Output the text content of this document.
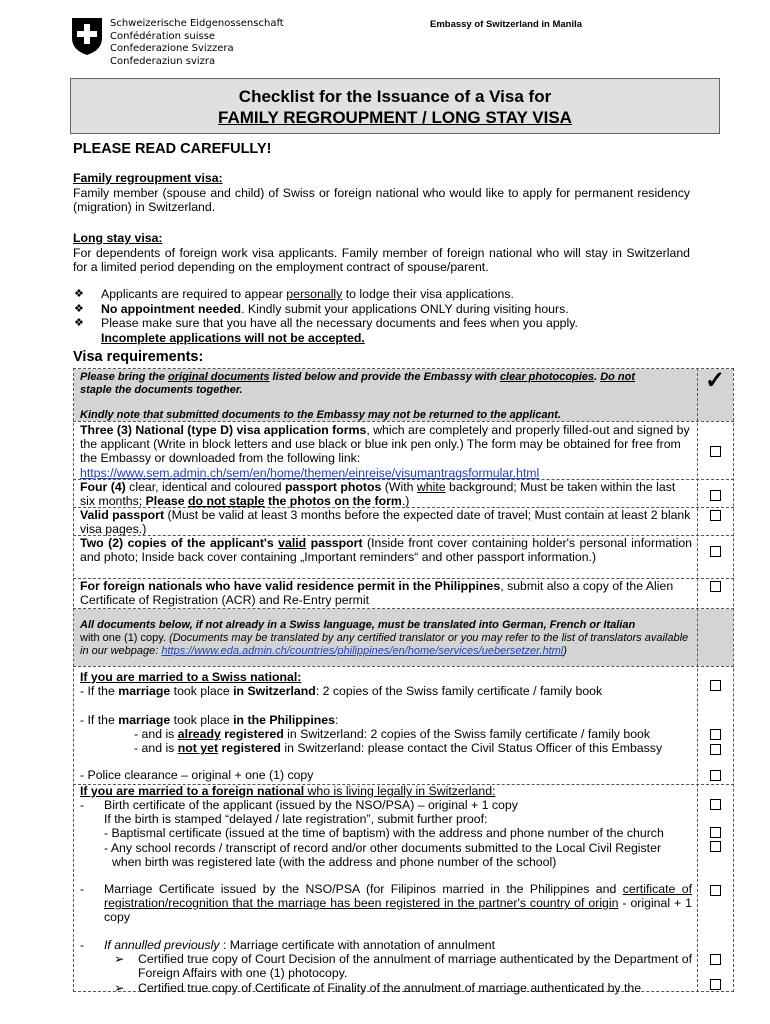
Schweizerische Eidgenossenschaft
Confédération suisse
Confederazione Svizzera
Confederaziun svizra
Embassy of Switzerland in Manila
Checklist for the Issuance of a Visa for
FAMILY REGROUPMENT / LONG STAY VISA
PLEASE READ CAREFULLY!
Family regroupment visa:
Family member (spouse and child) of Swiss or foreign national who would like to apply for permanent residency (migration) in Switzerland.
Long stay visa:
For dependents of foreign work visa applicants. Family member of foreign national who will stay in Switzerland for a limited period depending on the employment contract of spouse/parent.
❖ Applicants are required to appear personally to lodge their visa applications.
❖ No appointment needed. Kindly submit your applications ONLY during visiting hours.
❖ Please make sure that you have all the necessary documents and fees when you apply.
Incomplete applications will not be accepted.
Visa requirements:
Please bring the original documents listed below and provide the Embassy with clear photocopies. Do not
staple the documents together.

Kindly note that submitted documents to the Embassy may not be returned to the applicant.
✓
Three (3) National (type D) visa application forms, which are completely and properly filled-out and signed by the applicant (Write in block letters and use black or blue ink pen only.) The form may be obtained for free from the Embassy or downloaded from the following link:
https://www.sem.admin.ch/sem/en/home/themen/einreise/visumantragsformular.html
Four (4) clear, identical and coloured passport photos (With white background; Must be taken within the last six months; Please do not staple the photos on the form.)
Valid passport (Must be valid at least 3 months before the expected date of travel; Must contain at least 2 blank visa pages.)
Two (2) copies of the applicant's valid passport (Inside front cover containing holder's personal information and photo; Inside back cover containing „Important reminders“ and other passport information.)
For foreign nationals who have valid residence permit in the Philippines, submit also a copy of the Alien Certificate of Registration (ACR) and Re-Entry permit
All documents below, if not already in a Swiss language, must be translated into German, French or Italian
with one (1) copy. (Documents may be translated by any certified translator or you may refer to the list of translators available in our webpage: https://www.eda.admin.ch/countries/philippines/en/home/services/uebersetzer.html)
If you are married to a Swiss national:
- If the marriage took place in Switzerland: 2 copies of the Swiss family certificate / family book
- If the marriage took place in the Philippines:
- and is already registered in Switzerland: 2 copies of the Swiss family certificate / family book
- and is not yet registered in Switzerland: please contact the Civil Status Officer of this Embassy
- Police clearance – original + one (1) copy
If you are married to a foreign national who is living legally in Switzerland:
- Birth certificate of the applicant (issued by the NSO/PSA) – original + 1 copy
If the birth is stamped “delayed / late registration”, submit further proof:
- Baptismal certificate (issued at the time of baptism) with the address and phone number of the church
- Any school records / transcript of record and/or other documents submitted to the Local Civil Register
when birth was registered late (with the address and phone number of the school)
- Marriage Certificate issued by the NSO/PSA (for Filipinos married in the Philippines and certificate of registration/recognition that the marriage has been registered in the partner's country of origin - original + 1 copy
- If annulled previously : Marriage certificate with annotation of annulment
➢ Certified true copy of Court Decision of the annulment of marriage authenticated by the Department of Foreign Affairs with one (1) photocopy.
➢ Certified true copy of Certificate of Finality of the annulment of marriage authenticated by the
